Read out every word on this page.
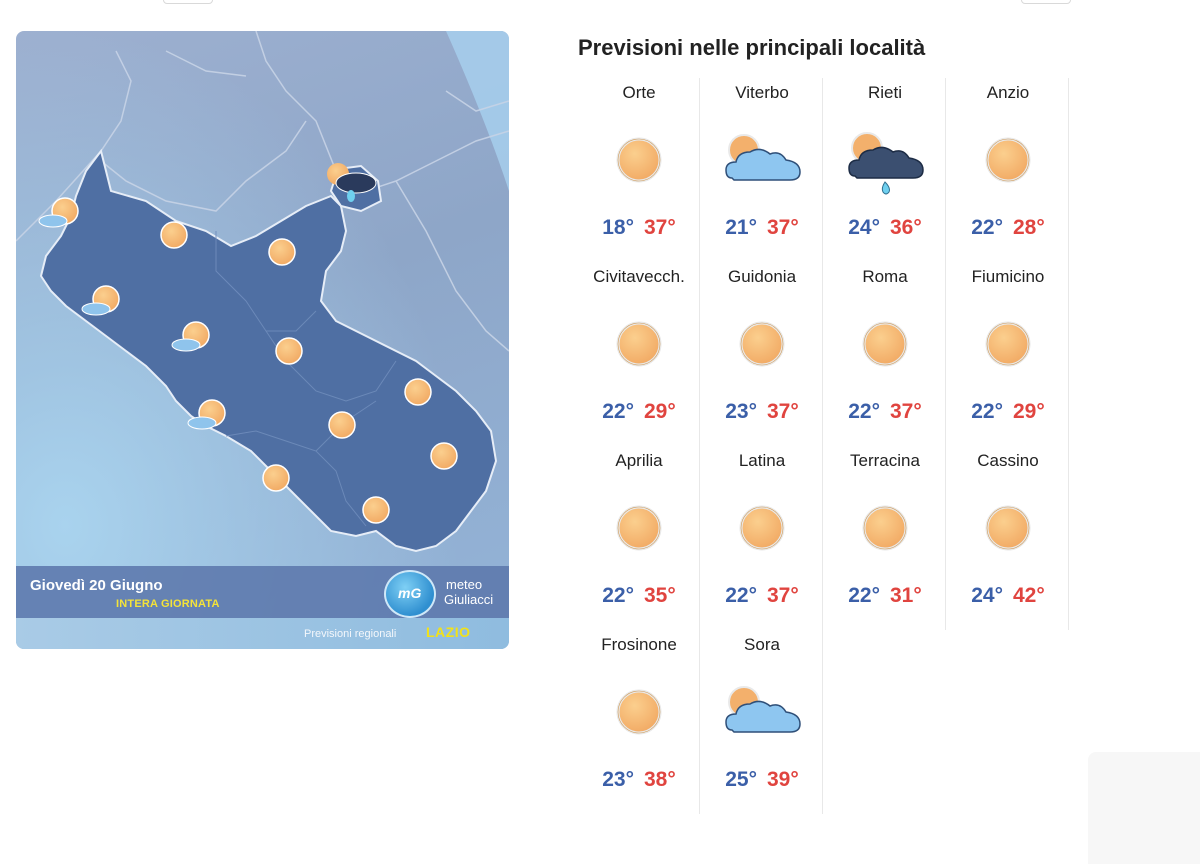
Giovedì 20 Giugno
INTERA GIORNATA
mG
meteo
Giuliacci
Previsioni regionali LAZIO
Previsioni nelle principali località
Orte
18° 37°
Viterbo
21° 37°
Rieti
24° 36°
Anzio
22° 28°
Civitavecch.
22° 29°
Guidonia
23° 37°
Roma
22° 37°
Fiumicino
22° 29°
Aprilia
22° 35°
Latina
22° 37°
Terracina
22° 31°
Cassino
24° 42°
Frosinone
23° 38°
Sora
25° 39°
